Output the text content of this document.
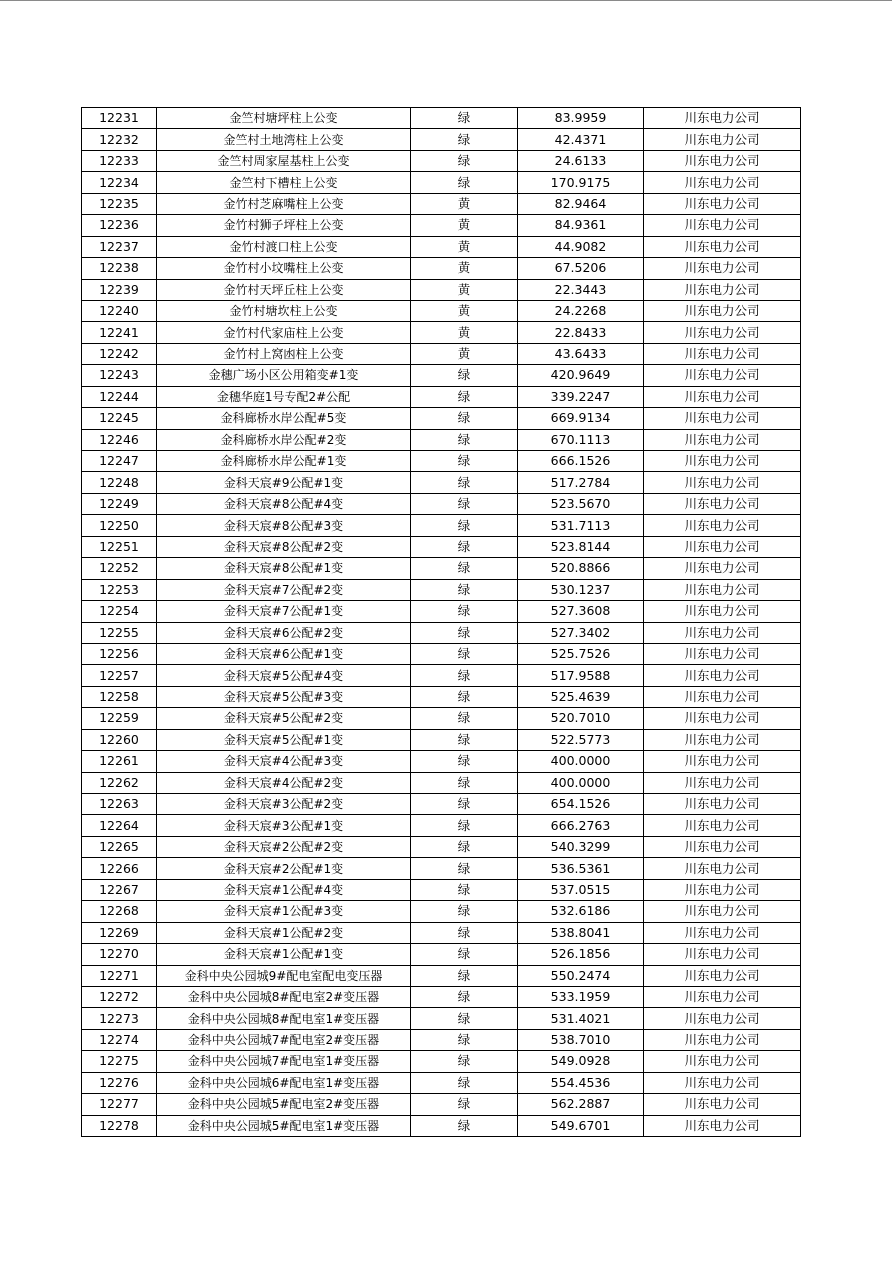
12231	金竺村塘坪柱上公变	绿	83.9959	川东电力公司
12232	金竺村土地湾柱上公变	绿	42.4371	川东电力公司
12233	金竺村周家屋基柱上公变	绿	24.6133	川东电力公司
12234	金竺村下槽柱上公变	绿	170.9175	川东电力公司
12235	金竹村芝麻嘴柱上公变	黄	82.9464	川东电力公司
12236	金竹村狮子坪柱上公变	黄	84.9361	川东电力公司
12237	金竹村渡口柱上公变	黄	44.9082	川东电力公司
12238	金竹村小坟嘴柱上公变	黄	67.5206	川东电力公司
12239	金竹村天坪丘柱上公变	黄	22.3443	川东电力公司
12240	金竹村塘坎柱上公变	黄	24.2268	川东电力公司
12241	金竹村代家庙柱上公变	黄	22.8433	川东电力公司
12242	金竹村上窝凼柱上公变	黄	43.6433	川东电力公司
12243	金穗广场小区公用箱变#1变	绿	420.9649	川东电力公司
12244	金穗华庭1号专配2#公配	绿	339.2247	川东电力公司
12245	金科廊桥水岸公配#5变	绿	669.9134	川东电力公司
12246	金科廊桥水岸公配#2变	绿	670.1113	川东电力公司
12247	金科廊桥水岸公配#1变	绿	666.1526	川东电力公司
12248	金科天宸#9公配#1变	绿	517.2784	川东电力公司
12249	金科天宸#8公配#4变	绿	523.5670	川东电力公司
12250	金科天宸#8公配#3变	绿	531.7113	川东电力公司
12251	金科天宸#8公配#2变	绿	523.8144	川东电力公司
12252	金科天宸#8公配#1变	绿	520.8866	川东电力公司
12253	金科天宸#7公配#2变	绿	530.1237	川东电力公司
12254	金科天宸#7公配#1变	绿	527.3608	川东电力公司
12255	金科天宸#6公配#2变	绿	527.3402	川东电力公司
12256	金科天宸#6公配#1变	绿	525.7526	川东电力公司
12257	金科天宸#5公配#4变	绿	517.9588	川东电力公司
12258	金科天宸#5公配#3变	绿	525.4639	川东电力公司
12259	金科天宸#5公配#2变	绿	520.7010	川东电力公司
12260	金科天宸#5公配#1变	绿	522.5773	川东电力公司
12261	金科天宸#4公配#3变	绿	400.0000	川东电力公司
12262	金科天宸#4公配#2变	绿	400.0000	川东电力公司
12263	金科天宸#3公配#2变	绿	654.1526	川东电力公司
12264	金科天宸#3公配#1变	绿	666.2763	川东电力公司
12265	金科天宸#2公配#2变	绿	540.3299	川东电力公司
12266	金科天宸#2公配#1变	绿	536.5361	川东电力公司
12267	金科天宸#1公配#4变	绿	537.0515	川东电力公司
12268	金科天宸#1公配#3变	绿	532.6186	川东电力公司
12269	金科天宸#1公配#2变	绿	538.8041	川东电力公司
12270	金科天宸#1公配#1变	绿	526.1856	川东电力公司
12271	金科中央公园城9#配电室配电变压器	绿	550.2474	川东电力公司
12272	金科中央公园城8#配电室2#变压器	绿	533.1959	川东电力公司
12273	金科中央公园城8#配电室1#变压器	绿	531.4021	川东电力公司
12274	金科中央公园城7#配电室2#变压器	绿	538.7010	川东电力公司
12275	金科中央公园城7#配电室1#变压器	绿	549.0928	川东电力公司
12276	金科中央公园城6#配电室1#变压器	绿	554.4536	川东电力公司
12277	金科中央公园城5#配电室2#变压器	绿	562.2887	川东电力公司
12278	金科中央公园城5#配电室1#变压器	绿	549.6701	川东电力公司
